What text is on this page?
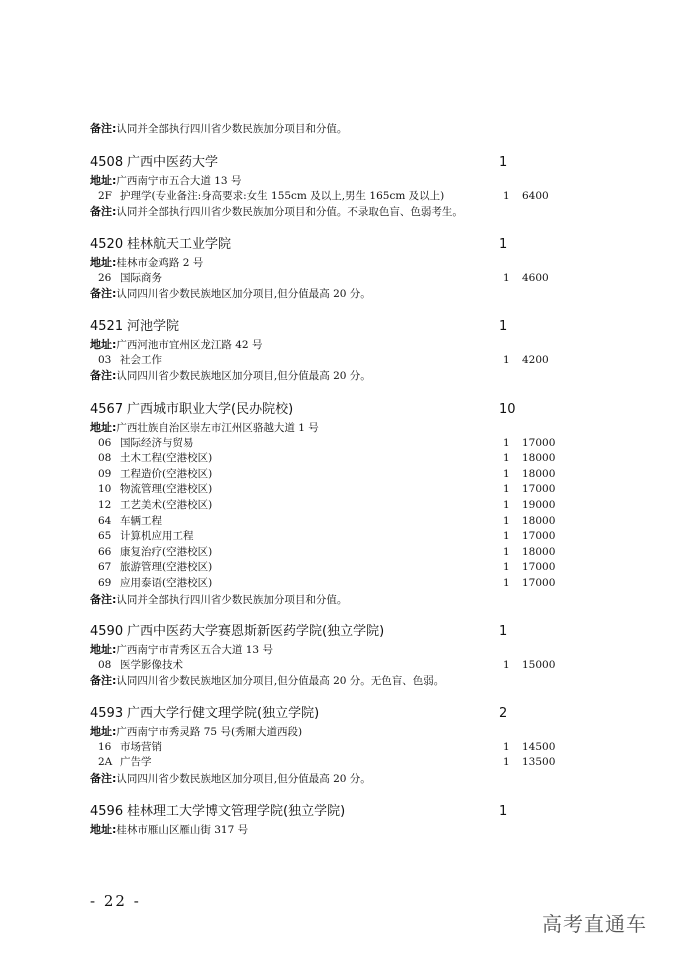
备注:认同并全部执行四川省少数民族加分项目和分值。
4508 广西中医药大学	1
地址:广西南宁市五合大道 13 号
2F 护理学(专业备注:身高要求:女生 155cm 及以上,男生 165cm 及以上)	1 6400
备注:认同并全部执行四川省少数民族加分项目和分值。不录取色盲、色弱考生。
4520 桂林航天工业学院	1
地址:桂林市金鸡路 2 号
26 国际商务	1 4600
备注:认同四川省少数民族地区加分项目,但分值最高 20 分。
4521 河池学院	1
地址:广西河池市宜州区龙江路 42 号
03 社会工作	1 4200
备注:认同四川省少数民族地区加分项目,但分值最高 20 分。
4567 广西城市职业大学(民办院校)	10
地址:广西壮族自治区崇左市江州区骆越大道 1 号
06 国际经济与贸易	1 17000
08 土木工程(空港校区)	1 18000
09 工程造价(空港校区)	1 18000
10 物流管理(空港校区)	1 17000
12 工艺美术(空港校区)	1 19000
64 车辆工程	1 18000
65 计算机应用工程	1 17000
66 康复治疗(空港校区)	1 18000
67 旅游管理(空港校区)	1 17000
69 应用泰语(空港校区)	1 17000
备注:认同并全部执行四川省少数民族加分项目和分值。
4590 广西中医药大学赛恩斯新医药学院(独立学院)	1
地址:广西南宁市青秀区五合大道 13 号
08 医学影像技术	1 15000
备注:认同四川省少数民族地区加分项目,但分值最高 20 分。无色盲、色弱。
4593 广西大学行健文理学院(独立学院)	2
地址:广西南宁市秀灵路 75 号(秀厢大道西段)
16 市场营销	1 14500
2A 广告学	1 13500
备注:认同四川省少数民族地区加分项目,但分值最高 20 分。
4596 桂林理工大学博文管理学院(独立学院)	1
地址:桂林市雁山区雁山街 317 号
- 22 -
高考直通车
